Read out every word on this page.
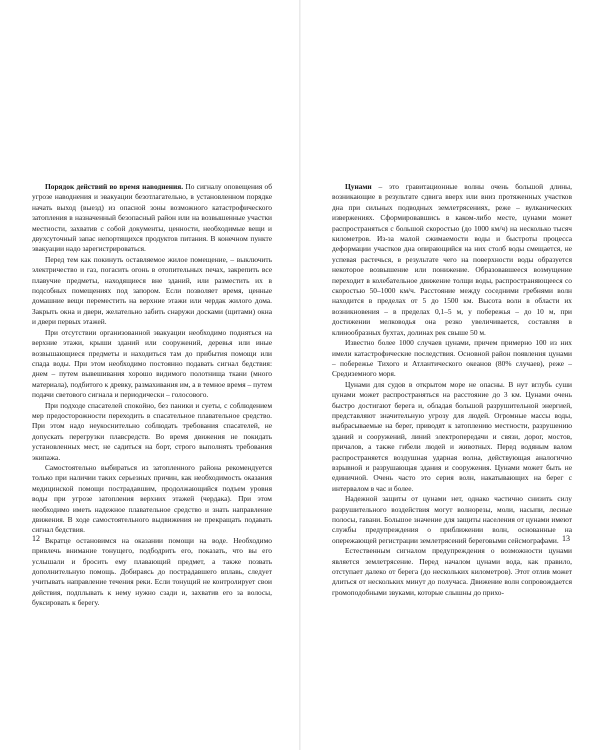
Порядок действий во время наводнения. По сигналу оповещения об угрозе наводнения и эвакуации безотлагательно, в установленном порядке начать выход (выезд) из опасной зоны возможного катастрофического затопления в назначенный безопасный район или на возвышенные участки местности, захватив с собой документы, ценности, необходимые вещи и двухсуточный запас непортящихся продуктов питания. В конечном пункте эвакуации надо зарегистрироваться.

Перед тем как покинуть оставляемое жилое помещение, – выключить электричество и газ, погасить огонь в отопительных печах, закрепить все плавучие предметы, находящиеся вне зданий, или разместить их в подсобных помещениях под запором. Если позволяет время, ценные домашние вещи переместить на верхние этажи или чердак жилого дома. Закрыть окна и двери, желательно забить снаружи досками (щитами) окна и двери первых этажей.

При отсутствии организованной эвакуации необходимо подняться на верхние этажи, крыши зданий или сооружений, деревья или иные возвышающиеся предметы и находиться там до прибытия помощи или спада воды. При этом необходимо постоянно подавать сигнал бедствия: днем – путем вывешивания хорошо видимого полотнища ткани (много материала), подбитого к древку, размахивания им, а в темное время – путем подачи светового сигнала и периодически – голосового.

При подходе спасателей спокойно, без паники и суеты, с соблюдением мер предосторожности переходить в спасательное плавательное средство. При этом надо неукоснительно соблюдать требования спасателей, не допускать перегрузки плавсредств. Во время движения не покидать установленных мест, не садиться на борт, строго выполнять требования экипажа.

Самостоятельно выбираться из затопленного района рекомендуется только при наличии таких серьезных причин, как необходимость оказания медицинской помощи пострадавшим, продолжающийся подъем уровня воды при угрозе затопления верхних этажей (чердака). При этом необходимо иметь надежное плавательное средство и знать направление движения. В ходе самостоятельного выдвижения не прекращать подавать сигнал бедствия.

Вкратце остановимся на оказании помощи на воде. Необходимо привлечь внимание тонущего, подбодрить его, показать, что вы его услышали и бросить ему плавающий предмет, а также позвать дополнительную помощь. Добираясь до пострадавшего вплавь, следует учитывать направление течения реки. Если тонущий не контролирует свои действия, подплывать к нему нужно сзади и, захватив его за волосы, буксировать к берегу.

12

Цунами – это гравитационные волны очень большой длины, возникающие в результате сдвига вверх или вниз протяженных участков дна при сильных подводных землетрясениях, реже – вулканических извержениях. Сформировавшись в каком-либо месте, цунами может распространяться с большой скоростью (до 1000 км/ч) на несколько тысяч километров. Из-за малой сжимаемости воды и быстроты процесса деформации участков дна опирающийся на них столб воды смещается, не успевая растечься, в результате чего на поверхности воды образуется некоторое возвышение или понижение. Образовавшееся возмущение переходит в колебательное движение толщи воды, распространяющееся со скоростью 50–1000 км/ч. Расстояние между соседними гребнями волн находится в пределах от 5 до 1500 км. Высота волн в области их возникновения – в пределах 0,1–5 м, у побережья – до 10 м, при достижении мелководья она резко увеличивается, составляя в клинообразных бухтах, долинах рек свыше 50 м.

Известно более 1000 случаев цунами, причем примерно 100 из них имели катастрофические последствия. Основной район появления цунами – побережье Тихого и Атлантического океанов (80% случаев), реже – Средиземного моря.

Цунами для судов в открытом море не опасны. В нут вглубь суши цунами может распространяться на расстояние до 3 км. Цунами очень быстро достигают берега и, обладая большой разрушительной энергией, представляют значительную угрозу для людей. Огромные массы воды, выбрасываемые на берег, приводят к затоплению местности, разрушению зданий и сооружений, линий электропередачи и связи, дорог, мостов, причалов, а также гибели людей и животных. Перед водяным валом распространяется воздушная ударная волна, действующая аналогично взрывной и разрушающая здания и сооружения. Цунами может быть не единичной. Очень часто это серия волн, накатывающих на берег с интервалом в час и более.

Надежной защиты от цунами нет, однако частично снизить силу разрушительного воздействия могут волнорезы, моли, насыпи, лесные полосы, гавани. Большое значение для защиты населения от цунами имеют службы предупреждения о приближении волн, основанные на опережающей регистрации землетрясений береговыми сейсмографами.

Естественным сигналом предупреждения о возможности цунами является землетрясение. Перед началом цунами вода, как правило, отступает далеко от берега (до нескольких километров). Этот отлив может длиться от нескольких минут до получаса. Движение волн сопровождается громоподобными звуками, которые слышны до прихо-

13
